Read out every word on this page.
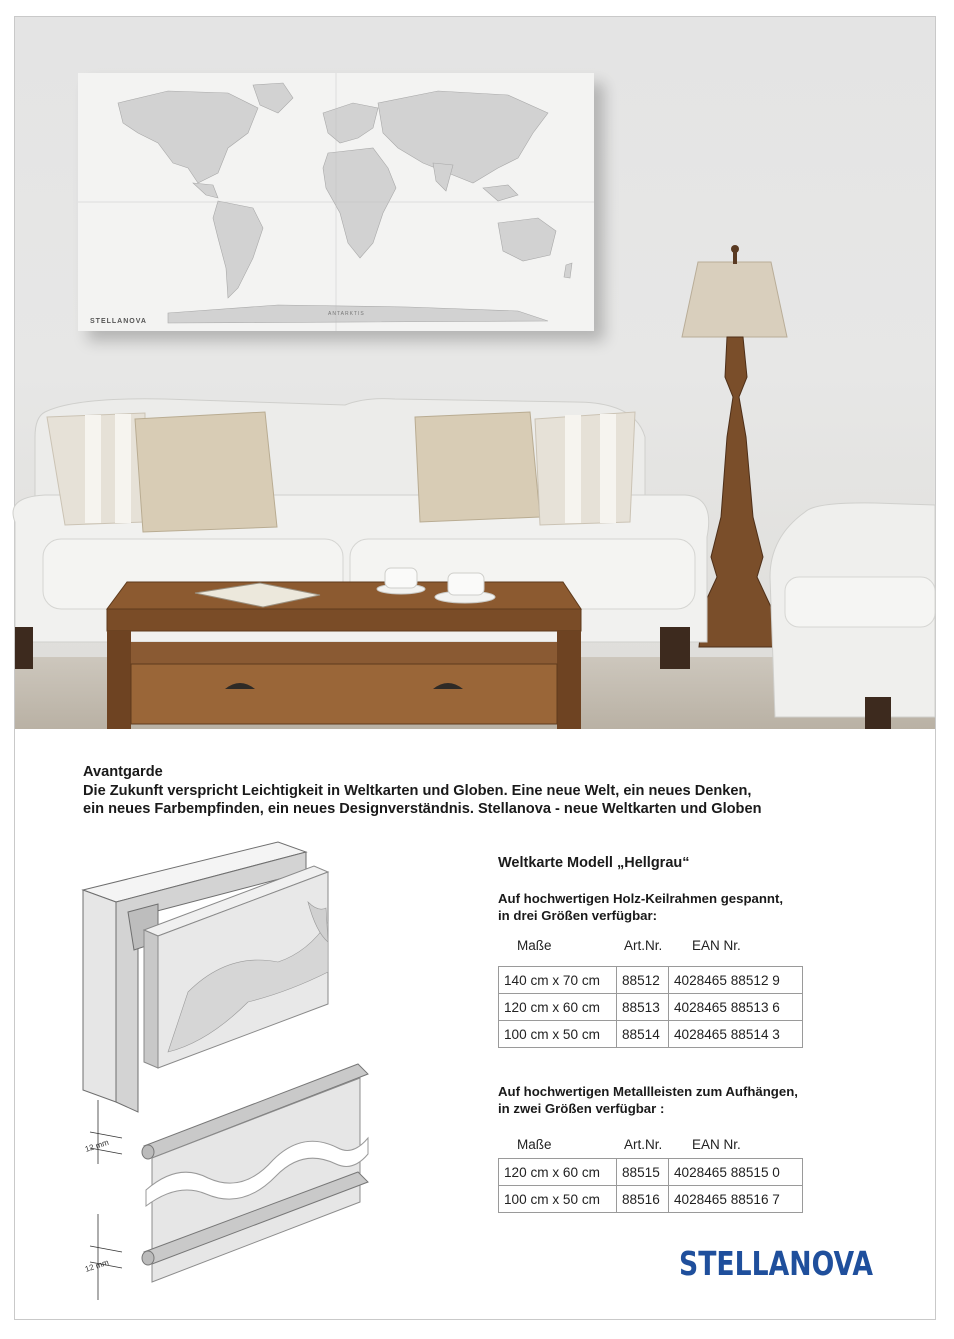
STELLANOVA
ANTARKTIS
Avantgarde
Die Zukunft verspricht Leichtigkeit in Weltkarten und Globen. Eine neue Welt, ein neues Denken,
ein neues Farbempfinden, ein neues Designverständnis. Stellanova - neue Weltkarten und Globen
12 mm
12 mm
Weltkarte Modell „Hellgrau“
Auf hochwertigen Holz-Keilrahmen gespannt,
in drei Größen verfügbar:
Maße	Art.Nr. EAN Nr.
140 cm x 70 cm	88512	4028465 88512 9
120 cm x 60 cm	88513	4028465 88513 6
100 cm x 50 cm	88514	4028465 88514 3
Auf hochwertigen Metallleisten zum Aufhängen,
in zwei Größen verfügbar :
Maße	Art.Nr. EAN Nr.
120 cm x 60 cm	88515	4028465 88515 0
100 cm x 50 cm	88516	4028465 88516 7
STELLANOVA
